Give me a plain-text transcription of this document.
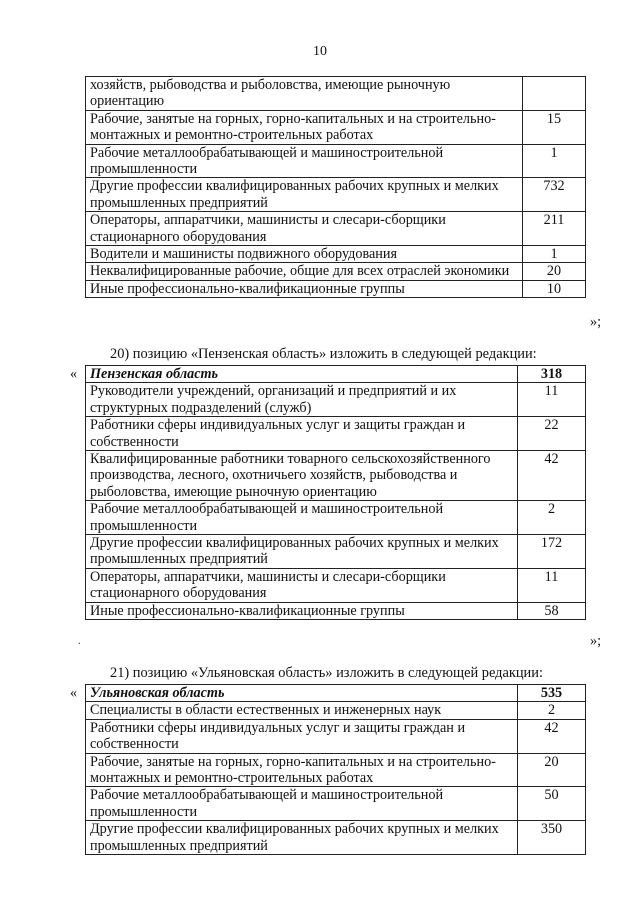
10
хозяйств, рыбоводства и рыболовства, имеющие рыночную ориентацию	
Рабочие, занятые на горных, горно-капитальных и на строительно-монтажных и ремонтно-строительных работах	15
Рабочие металлообрабатывающей и машиностроительной промышленности	1
Другие профессии квалифицированных рабочих крупных и мелких промышленных предприятий	732
Операторы, аппаратчики, машинисты и слесари-сборщики стационарного оборудования	211
Водители и машинисты подвижного оборудования	1
Неквалифицированные рабочие, общие для всех отраслей экономики	20
Иные профессионально-квалификационные группы	10
»;
20) позицию «Пензенская область» изложить в следующей редакции:
« Пензенская область	318
Руководители учреждений, организаций и предприятий и их структурных подразделений (служб)	11
Работники сферы индивидуальных услуг и защиты граждан и собственности	22
Квалифицированные работники товарного сельскохозяйственного производства, лесного, охотничьего хозяйств, рыбоводства и рыболовства, имеющие рыночную ориентацию	42
Рабочие металлообрабатывающей и машиностроительной промышленности	2
Другие профессии квалифицированных рабочих крупных и мелких промышленных предприятий	172
Операторы, аппаратчики, машинисты и слесари-сборщики стационарного оборудования	11
Иные профессионально-квалификационные группы	58
.	»;
21) позицию «Ульяновская область» изложить в следующей редакции:
« Ульяновская область	535
Специалисты в области естественных и инженерных наук	2
Работники сферы индивидуальных услуг и защиты граждан и собственности	42
Рабочие, занятые на горных, горно-капитальных и на строительно-монтажных и ремонтно-строительных работах	20
Рабочие металлообрабатывающей и машиностроительной промышленности	50
Другие профессии квалифицированных рабочих крупных и мелких промышленных предприятий	350
